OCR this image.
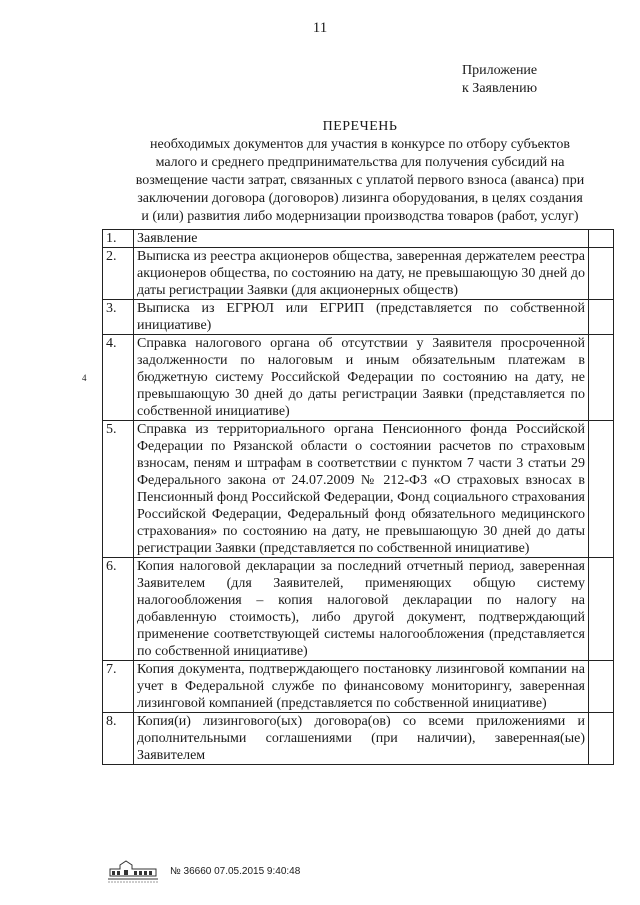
11
Приложение
к Заявлению
ПЕРЕЧЕНЬ
необходимых документов для участия в конкурсе по отбору субъектов
малого и среднего предпринимательства для получения субсидий на
возмещение части затрат, связанных с уплатой первого взноса (аванса) при
заключении договора (договоров) лизинга оборудования, в целях создания
и (или) развития либо модернизации производства товаров (работ, услуг)
4
1.	Заявление	
2.	Выписка из реестра акционеров общества, заверенная держателем реестра акционеров общества, по состоянию на дату, не превышающую 30 дней до даты регистрации Заявки (для акционерных обществ)	
3.	Выписка из ЕГРЮЛ или ЕГРИП (представляется по собственной инициативе)	
4.	Справка налогового органа об отсутствии у Заявителя просроченной задолженности по налоговым и иным обязательным платежам в бюджетную систему Российской Федерации по состоянию на дату, не превышающую 30 дней до даты регистрации Заявки (представляется по собственной инициативе)	
5.	Справка из территориального органа Пенсионного фонда Российской Федерации по Рязанской области о состоянии расчетов по страховым взносам, пеням и штрафам в соответствии с пунктом 7 части 3 статьи 29 Федерального закона от 24.07.2009 № 212-ФЗ «О страховых взносах в Пенсионный фонд Российской Федерации, Фонд социального страхования Российской Федерации, Федеральный фонд обязательного медицинского страхования» по состоянию на дату, не превышающую 30 дней до даты регистрации Заявки (представляется по собственной инициативе)	
6.	Копия налоговой декларации за последний отчетный период, заверенная Заявителем (для Заявителей, применяющих общую систему налогообложения – копия налоговой декларации по налогу на добавленную стоимость), либо другой документ, подтверждающий применение соответствующей системы налогообложения (представляется по собственной инициативе)	
7.	Копия документа, подтверждающего постановку лизинговой компании на учет в Федеральной службе по финансовому мониторингу, заверенная лизинговой компанией (представляется по собственной инициативе)	
8.	Копия(и) лизингового(ых) договора(ов) со всеми приложениями и дополнительными соглашениями (при наличии), заверенная(ые) Заявителем	
№ 36660 07.05.2015 9:40:48
